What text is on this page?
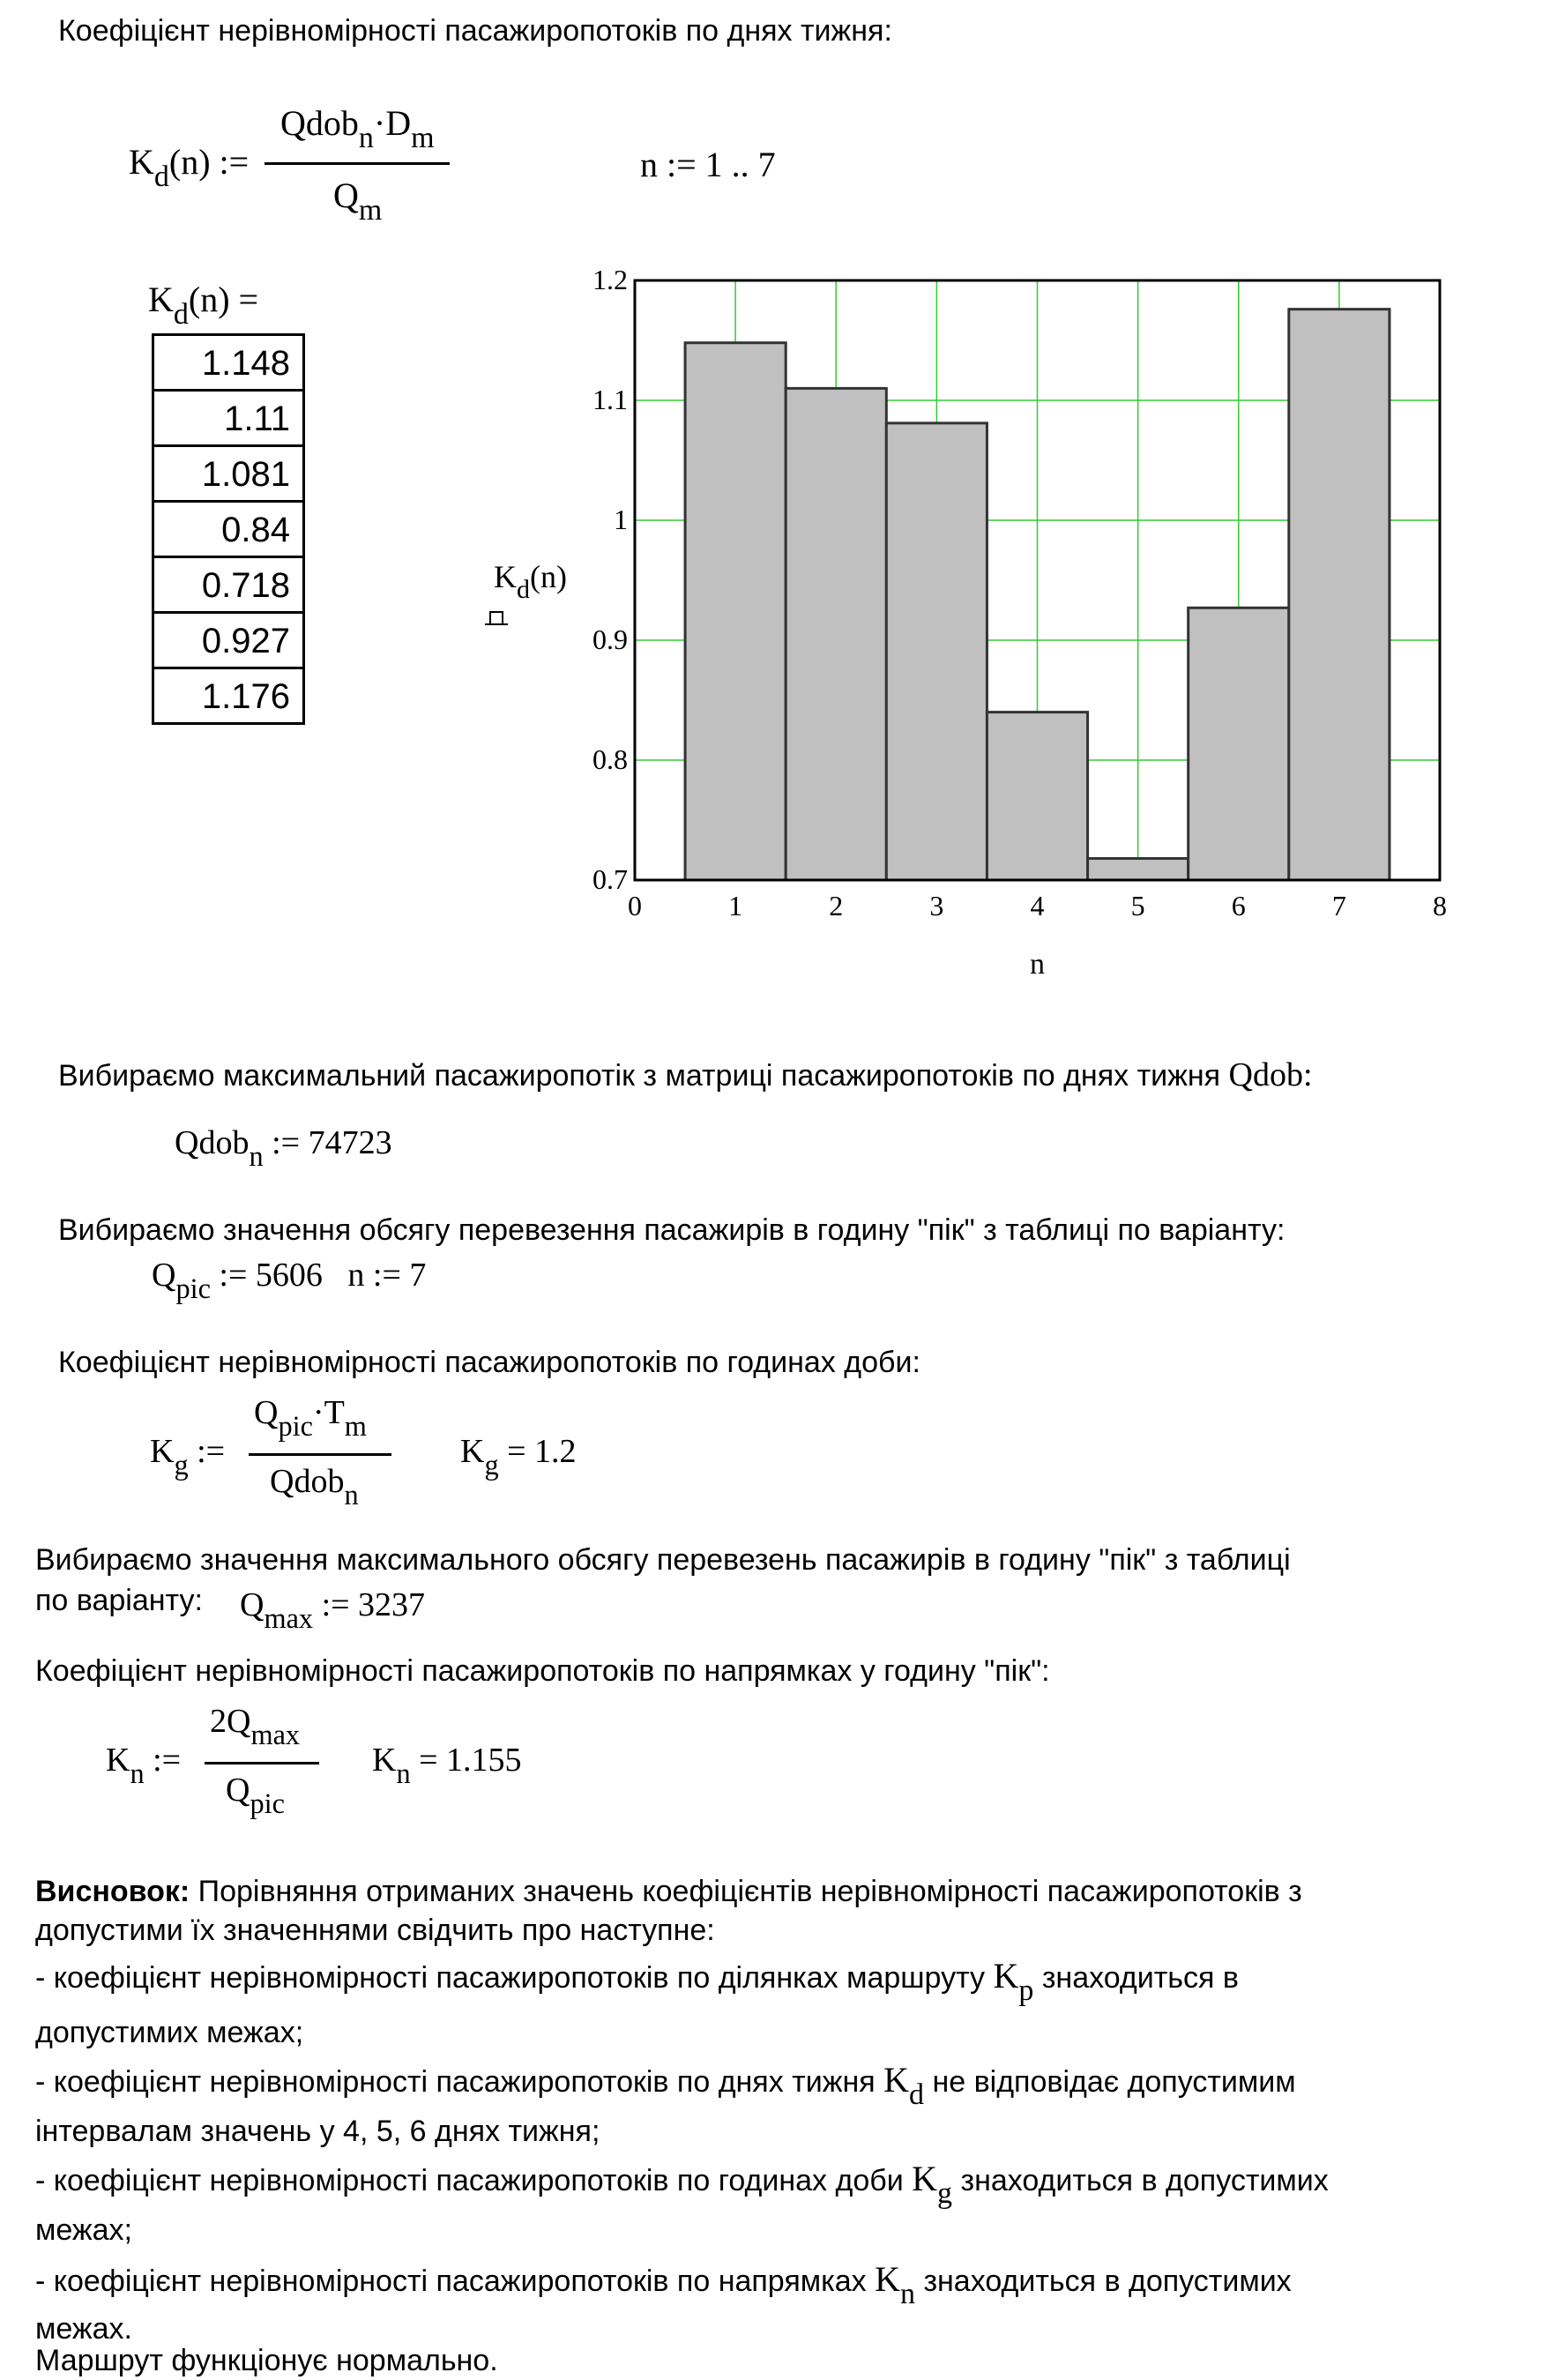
Коефіцієнт нерівномірності пасажиропотоків по днях тижня:
$K_d(n)$ :=
$Qdob_n\cdot D_m$
$Q_m$
n := 1 .. 7
$K_d(n)$ =
1.148
1.11
1.081
0.84
0.718
0.927
1.176
0.7
0.8
0.9
1
1.1
1.2
0	1	2	3	4	5	6	7	8
n
$K_d(n)$
Вибираємо максимальний пасажиропотік з матриці пасажиропотоків по днях тижня Qdob:
Qdob$_n$ := 74723
Вибираємо значення обсягу перевезення пасажирів в годину "пік" з таблиці по варіанту:
$Q_{pic}$ := 5606 n := 7
Коефіцієнт нерівномірності пасажиропотоків по годинах доби:
$K_g$ :=
$Q_{pic}\cdot T_m$
Qdob$_n$
$K_g = 1.2$
Вибираємо значення максимального обсягу перевезень пасажирів в годину "пік" з таблиці
по варіанту: $Q_{max}$ := 3237
Коефіцієнт нерівномірності пасажиропотоків по напрямках у годину "пік":
$K_n$ :=
$2Q_{max}$
$Q_{pic}$
$K_n = 1.155$
Висновок: Порівняння отриманих значень коефіцієнтів нерівномірності пасажиропотоків з
допустими їх значеннями свідчить про наступне:
- коефіцієнт нерівномірності пасажиропотоків по ділянках маршруту $K_p$ знаходиться в
допустимих межах;
- коефіцієнт нерівномірності пасажиропотоків по днях тижня $K_d$ не відповідає допустимим
інтервалам значень у 4, 5, 6 днях тижня;
- коефіцієнт нерівномірності пасажиропотоків по годинах доби $K_g$ знаходиться в допустимих
межах;
- коефіцієнт нерівномірності пасажиропотоків по напрямках $K_n$ знаходиться в допустимих
межах.
Маршрут функціонує нормально.
